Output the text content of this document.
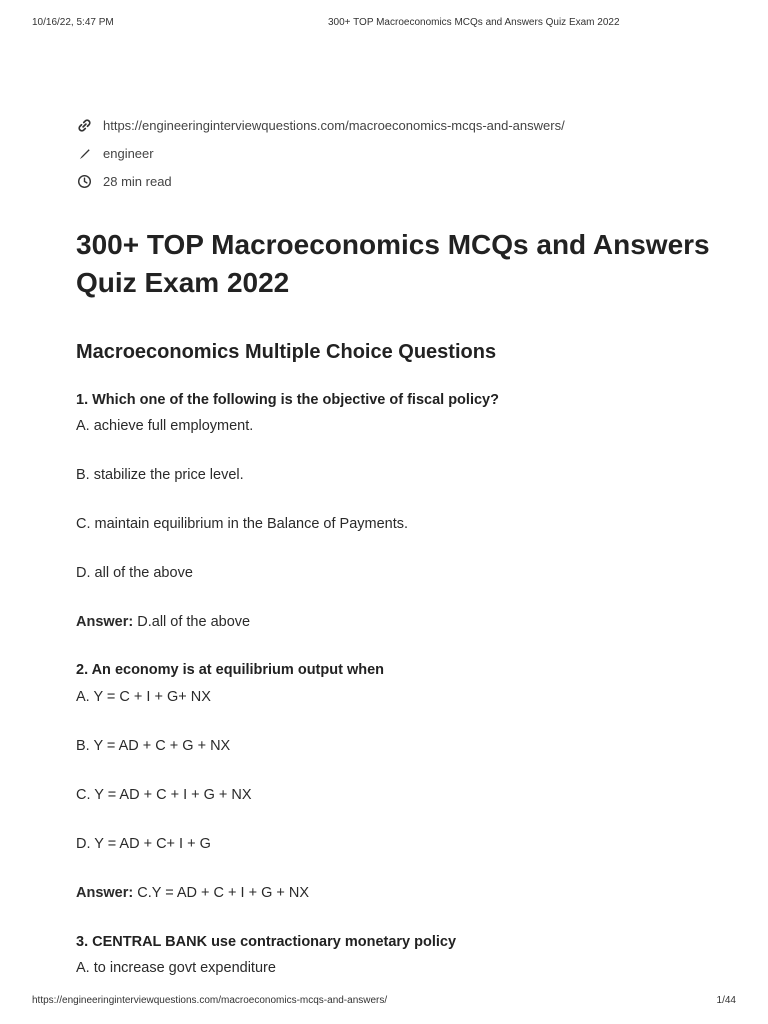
10/16/22, 5:47 PM	300+ TOP Macroeconomics MCQs and Answers Quiz Exam 2022
https://engineeringinterviewquestions.com/macroeconomics-mcqs-and-answers/
engineer
28 min read
300+ TOP Macroeconomics MCQs and Answers Quiz Exam 2022
Macroeconomics Multiple Choice Questions
1. Which one of the following is the objective of fiscal policy?
A. achieve full employment.
B. stabilize the price level.
C. maintain equilibrium in the Balance of Payments.
D. all of the above
Answer: D.all of the above
2. An economy is at equilibrium output when
A. Y = C + I + G+ NX
B. Y = AD + C + G + NX
C. Y = AD + C + I + G + NX
D. Y = AD + C+ I + G
Answer: C.Y = AD + C + I + G + NX
3. CENTRAL BANK use contractionary monetary policy
A. to increase govt expenditure
https://engineeringinterviewquestions.com/macroeconomics-mcqs-and-answers/	1/44
